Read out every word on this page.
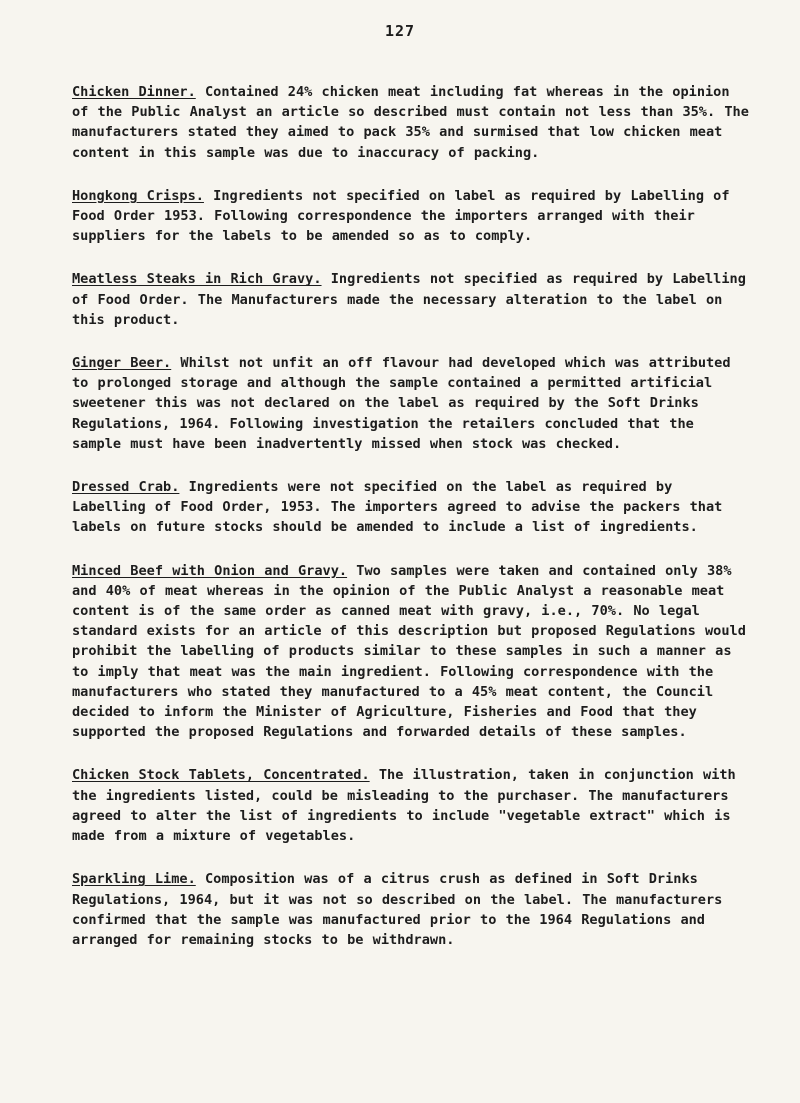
127

Chicken Dinner. Contained 24% chicken meat including fat whereas in the opinion of the Public Analyst an article so described must contain not less than 35%. The manufacturers stated they aimed to pack 35% and surmised that low chicken meat content in this sample was due to inaccuracy of packing.

Hongkong Crisps. Ingredients not specified on label as required by Labelling of Food Order 1953. Following correspondence the importers arranged with their suppliers for the labels to be amended so as to comply.

Meatless Steaks in Rich Gravy. Ingredients not specified as required by Labelling of Food Order. The Manufacturers made the necessary alteration to the label on this product.

Ginger Beer. Whilst not unfit an off flavour had developed which was attributed to prolonged storage and although the sample contained a permitted artificial sweetener this was not declared on the label as required by the Soft Drinks Regulations, 1964. Following investigation the retailers concluded that the sample must have been inadvertently missed when stock was checked.

Dressed Crab. Ingredients were not specified on the label as required by Labelling of Food Order, 1953. The importers agreed to advise the packers that labels on future stocks should be amended to include a list of ingredients.

Minced Beef with Onion and Gravy. Two samples were taken and contained only 38% and 40% of meat whereas in the opinion of the Public Analyst a reasonable meat content is of the same order as canned meat with gravy, i.e., 70%. No legal standard exists for an article of this description but proposed Regulations would prohibit the labelling of products similar to these samples in such a manner as to imply that meat was the main ingredient. Following correspondence with the manufacturers who stated they manufactured to a 45% meat content, the Council decided to inform the Minister of Agriculture, Fisheries and Food that they supported the proposed Regulations and forwarded details of these samples.

Chicken Stock Tablets, Concentrated. The illustration, taken in conjunction with the ingredients listed, could be misleading to the purchaser. The manufacturers agreed to alter the list of ingredients to include "vegetable extract" which is made from a mixture of vegetables.

Sparkling Lime. Composition was of a citrus crush as defined in Soft Drinks Regulations, 1964, but it was not so described on the label. The manufacturers confirmed that the sample was manufactured prior to the 1964 Regulations and arranged for remaining stocks to be withdrawn.
